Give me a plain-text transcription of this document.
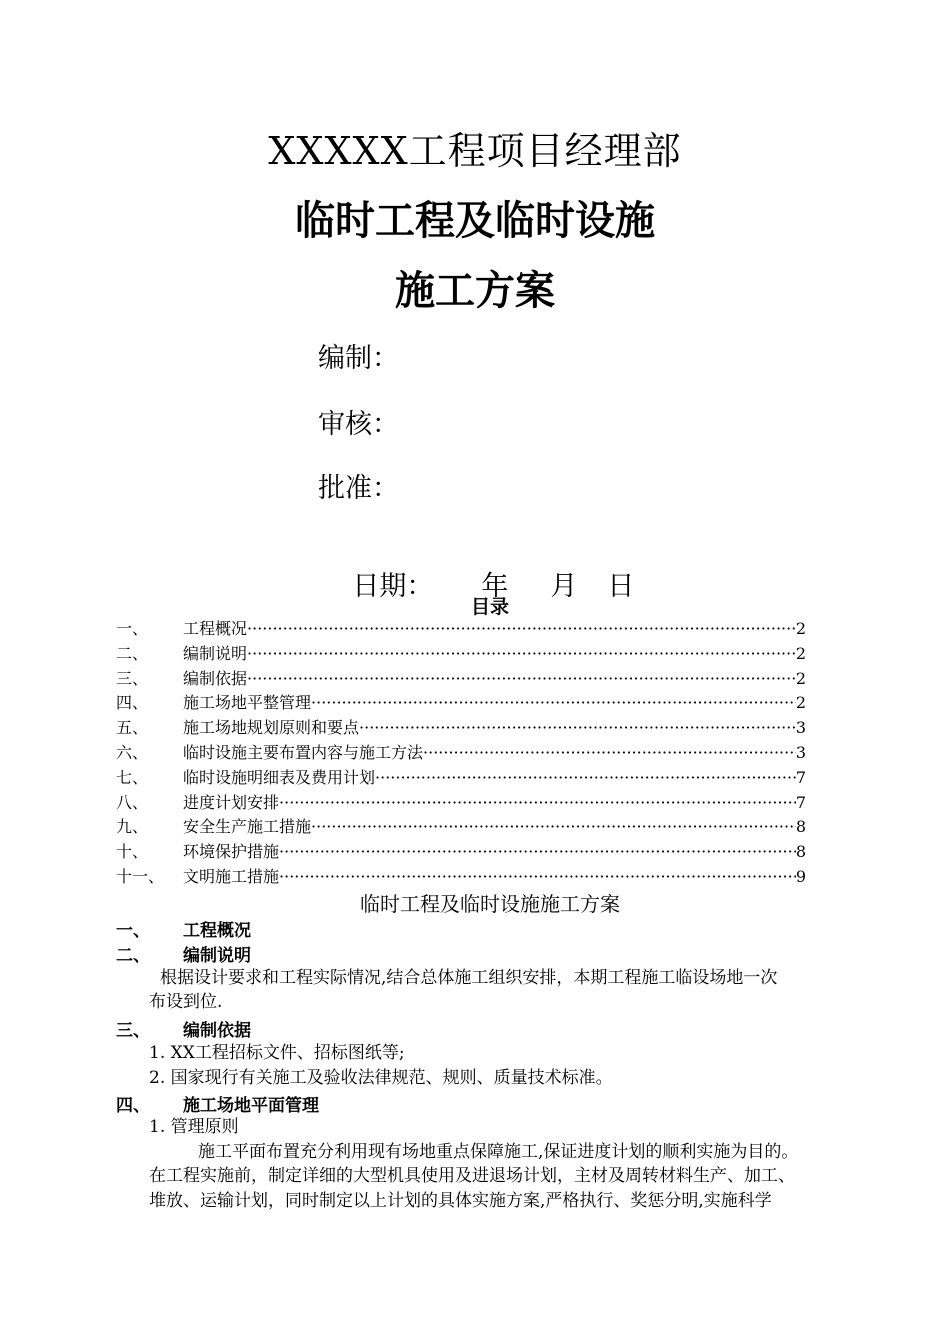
XXXXX工程项目经理部
临时工程及临时设施
施工方案
编制：
审核：
批准：

日期： 年 月 日

目录
一、	工程概况 ·····	2
二、	编制说明 ·····	2
三、	编制依据 ·····	2
四、	施工场地平整管理 ·····	2
五、	施工场地规划原则和要点 ·····	3
六、	临时设施主要布置内容与施工方法 ·····	3
七、	临时设施明细表及费用计划 ·····	7
八、	进度计划安排 ·····	7
九、	安全生产施工措施 ·····	8
十、	环境保护措施 ·····	8
十一、	文明施工措施 ·····	9
临时工程及临时设施施工方案
一、	工程概况
二、	编制说明
根据设计要求和工程实际情况,结合总体施工组织安排，本期工程施工临设场地一次
布设到位.
三、	编制依据
1. XX工程招标文件、招标图纸等;
2. 国家现行有关施工及验收法律规范、规则、质量技术标准。
四、	施工场地平面管理
1. 管理原则
施工平面布置充分利用现有场地重点保障施工,保证进度计划的顺利实施为目的。
在工程实施前，制定详细的大型机具使用及进退场计划，主材及周转材料生产、加工、
堆放、运输计划，同时制定以上计划的具体实施方案,严格执行、奖惩分明,实施科学
